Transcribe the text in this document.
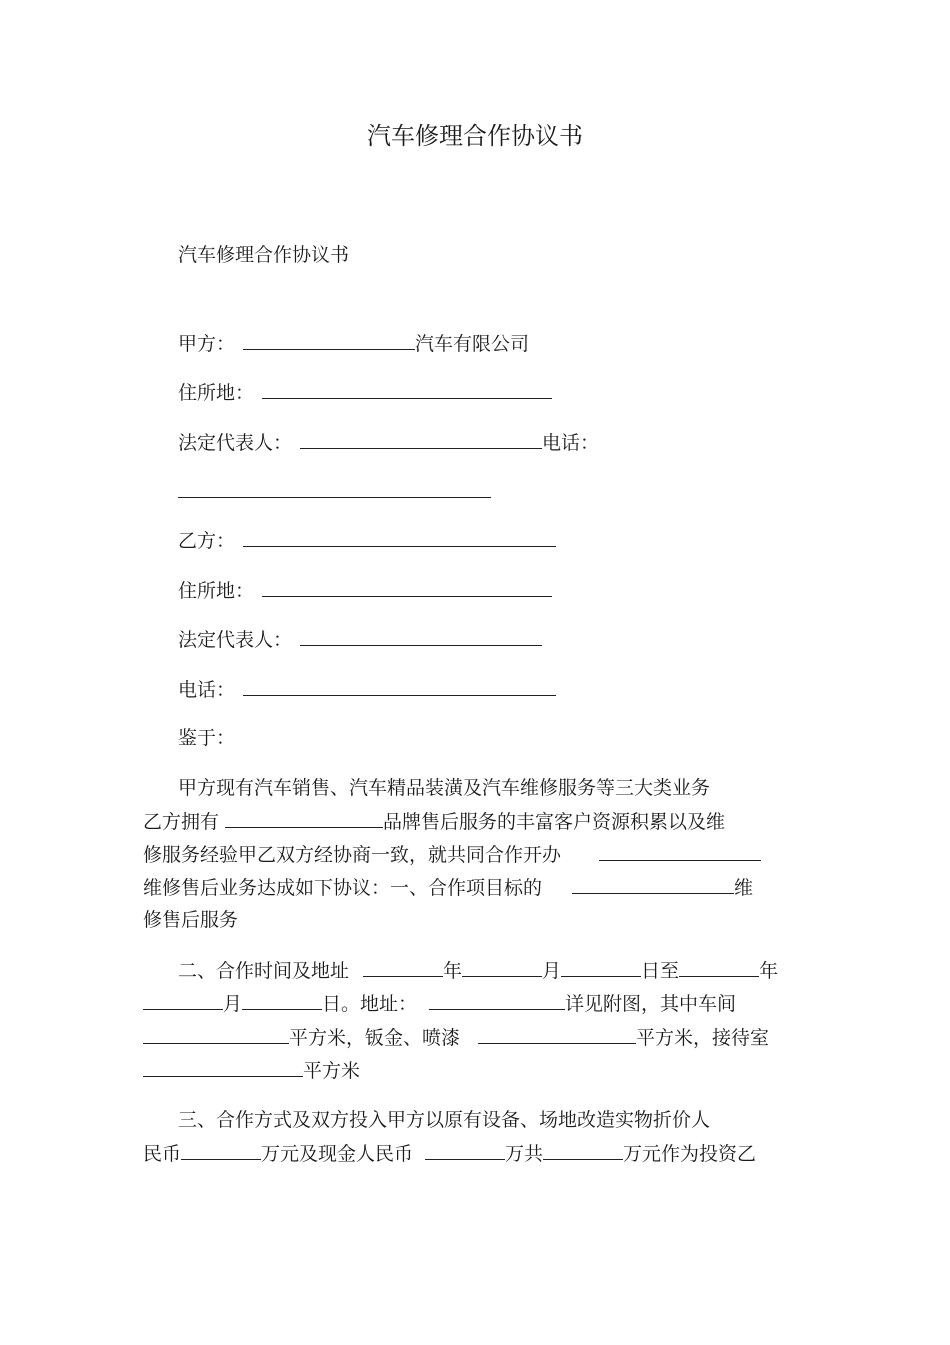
汽车修理合作协议书
汽车修理合作协议书
甲方：	汽车有限公司
住所地：
法定代表人：	电话：
乙方：
住所地：
法定代表人：
电话：
鉴于：
甲方现有汽车销售、汽车精品装潢及汽车维修服务等三大类业务
乙方拥有	品牌售后服务的丰富客户资源积累以及维
修服务经验甲乙双方经协商一致，就共同合作开办
维修售后业务达成如下协议：一、合作项目标的	维
修售后服务
二、合作时间及地址	年	月	日至	年
月	日。地址：	详见附图，其中车间
平方米，钣金、喷漆	平方米，接待室
平方米
三、合作方式及双方投入甲方以原有设备、场地改造实物折价人
民币	万元及现金人民币	万共	万元作为投资乙
